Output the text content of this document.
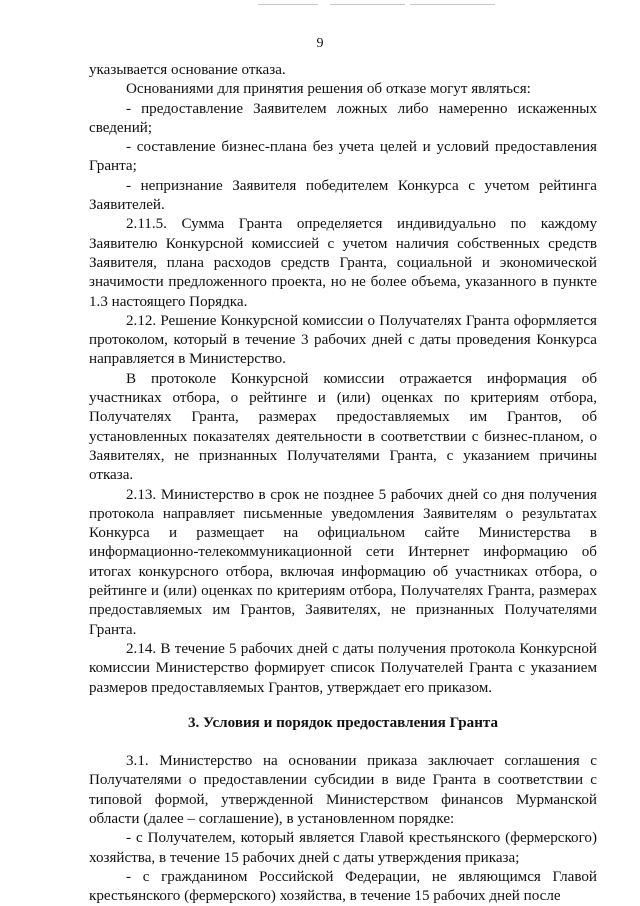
9

указывается основание отказа.

Основаниями для принятия решения об отказе могут являться:

- предоставление Заявителем ложных либо намеренно искаженных сведений;

- составление бизнес-плана без учета целей и условий предоставления Гранта;

- непризнание Заявителя победителем Конкурса с учетом рейтинга Заявителей.

2.11.5. Сумма Гранта определяется индивидуально по каждому Заявителю Конкурсной комиссией с учетом наличия собственных средств Заявителя, плана расходов средств Гранта, социальной и экономической значимости предложенного проекта, но не более объема, указанного в пункте 1.3 настоящего Порядка.

2.12. Решение Конкурсной комиссии о Получателях Гранта оформляется протоколом, который в течение 3 рабочих дней с даты проведения Конкурса направляется в Министерство.

В протоколе Конкурсной комиссии отражается информация об участниках отбора, о рейтинге и (или) оценках по критериям отбора, Получателях Гранта, размерах предоставляемых им Грантов, об установленных показателях деятельности в соответствии с бизнес-планом, о Заявителях, не признанных Получателями Гранта, с указанием причины отказа.

2.13. Министерство в срок не позднее 5 рабочих дней со дня получения протокола направляет письменные уведомления Заявителям о результатах Конкурса и размещает на официальном сайте Министерства в информационно-телекоммуникационной сети Интернет информацию об итогах конкурсного отбора, включая информацию об участниках отбора, о рейтинге и (или) оценках по критериям отбора, Получателях Гранта, размерах предоставляемых им Грантов, Заявителях, не признанных Получателями Гранта.

2.14. В течение 5 рабочих дней с даты получения протокола Конкурсной комиссии Министерство формирует список Получателей Гранта с указанием размеров предоставляемых Грантов, утверждает его приказом.

3. Условия и порядок предоставления Гранта

3.1. Министерство на основании приказа заключает соглашения с Получателями о предоставлении субсидии в виде Гранта в соответствии с типовой формой, утвержденной Министерством финансов Мурманской области (далее – соглашение), в установленном порядке:

- с Получателем, который является Главой крестьянского (фермерского) хозяйства, в течение 15 рабочих дней с даты утверждения приказа;

- с гражданином Российской Федерации, не являющимся Главой крестьянского (фермерского) хозяйства, в течение 15 рабочих дней после
